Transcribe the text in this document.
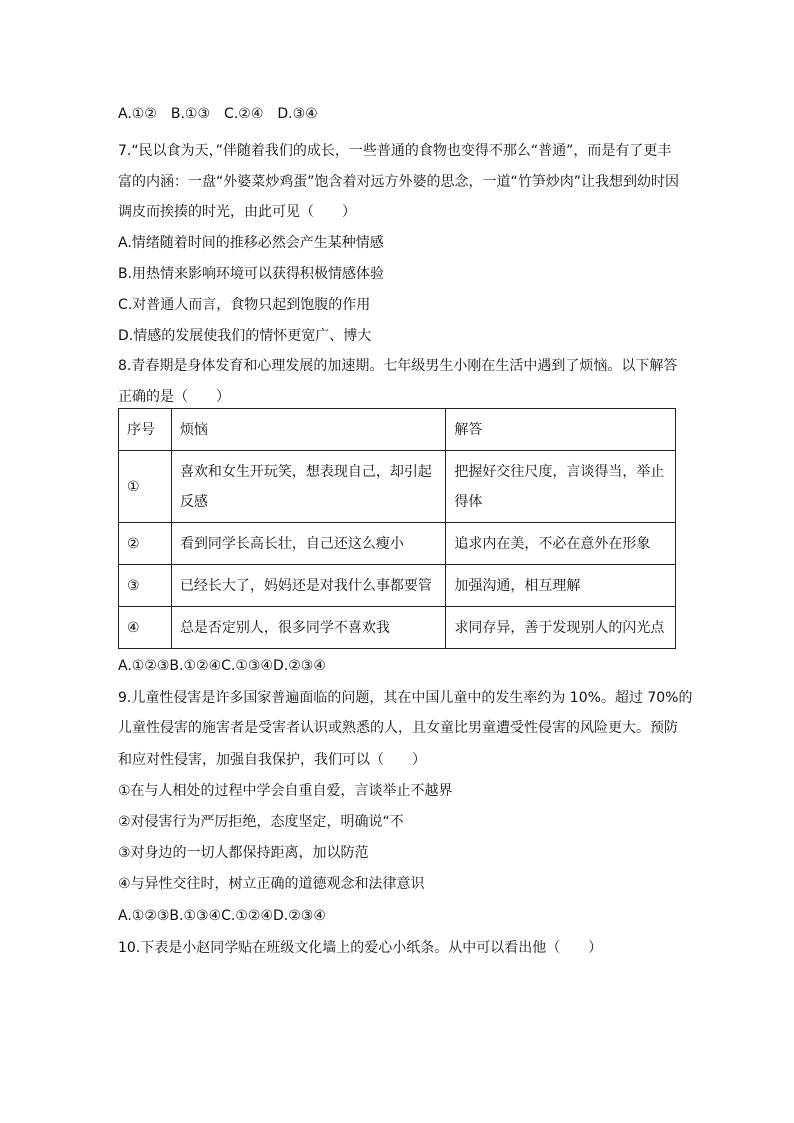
A.①②　B.①③　C.②④　D.③④
7.“民以食为天，”伴随着我们的成长，一些普通的食物也变得不那么“普通”，而是有了更丰
富的内涵：一盘“外婆菜炒鸡蛋”饱含着对远方外婆的思念，一道“竹笋炒肉”让我想到幼时因
调皮而挨揍的时光，由此可见（　　）
A.情绪随着时间的推移必然会产生某种情感
B.用热情来影响环境可以获得积极情感体验
C.对普通人而言，食物只起到饱腹的作用
D.情感的发展使我们的情怀更宽广、博大
8.青春期是身体发育和心理发展的加速期。七年级男生小刚在生活中遇到了烦恼。以下解答
正确的是（　　）
序号	烦恼	解答
①	喜欢和女生开玩笑，想表现自己，却引起反感	把握好交往尺度，言谈得当，举止得体
②	看到同学长高长壮，自己还这么瘦小	追求内在美，不必在意外在形象
③	已经长大了，妈妈还是对我什么事都要管	加强沟通，相互理解
④	总是否定别人，很多同学不喜欢我	求同存异，善于发现别人的闪光点
A.①②③B.①②④C.①③④D.②③④
9.儿童性侵害是许多国家普遍面临的问题，其在中国儿童中的发生率约为 10%。超过 70%的
儿童性侵害的施害者是受害者认识或熟悉的人，且女童比男童遭受性侵害的风险更大。预防
和应对性侵害，加强自我保护，我们可以（　　）
①在与人相处的过程中学会自重自爱，言谈举止不越界
②对侵害行为严厉拒绝，态度坚定，明确说“不
③对身边的一切人都保持距离，加以防范
④与异性交往时，树立正确的道德观念和法律意识
A.①②③B.①③④C.①②④D.②③④
10.下表是小赵同学贴在班级文化墙上的爱心小纸条。从中可以看出他（　　）
